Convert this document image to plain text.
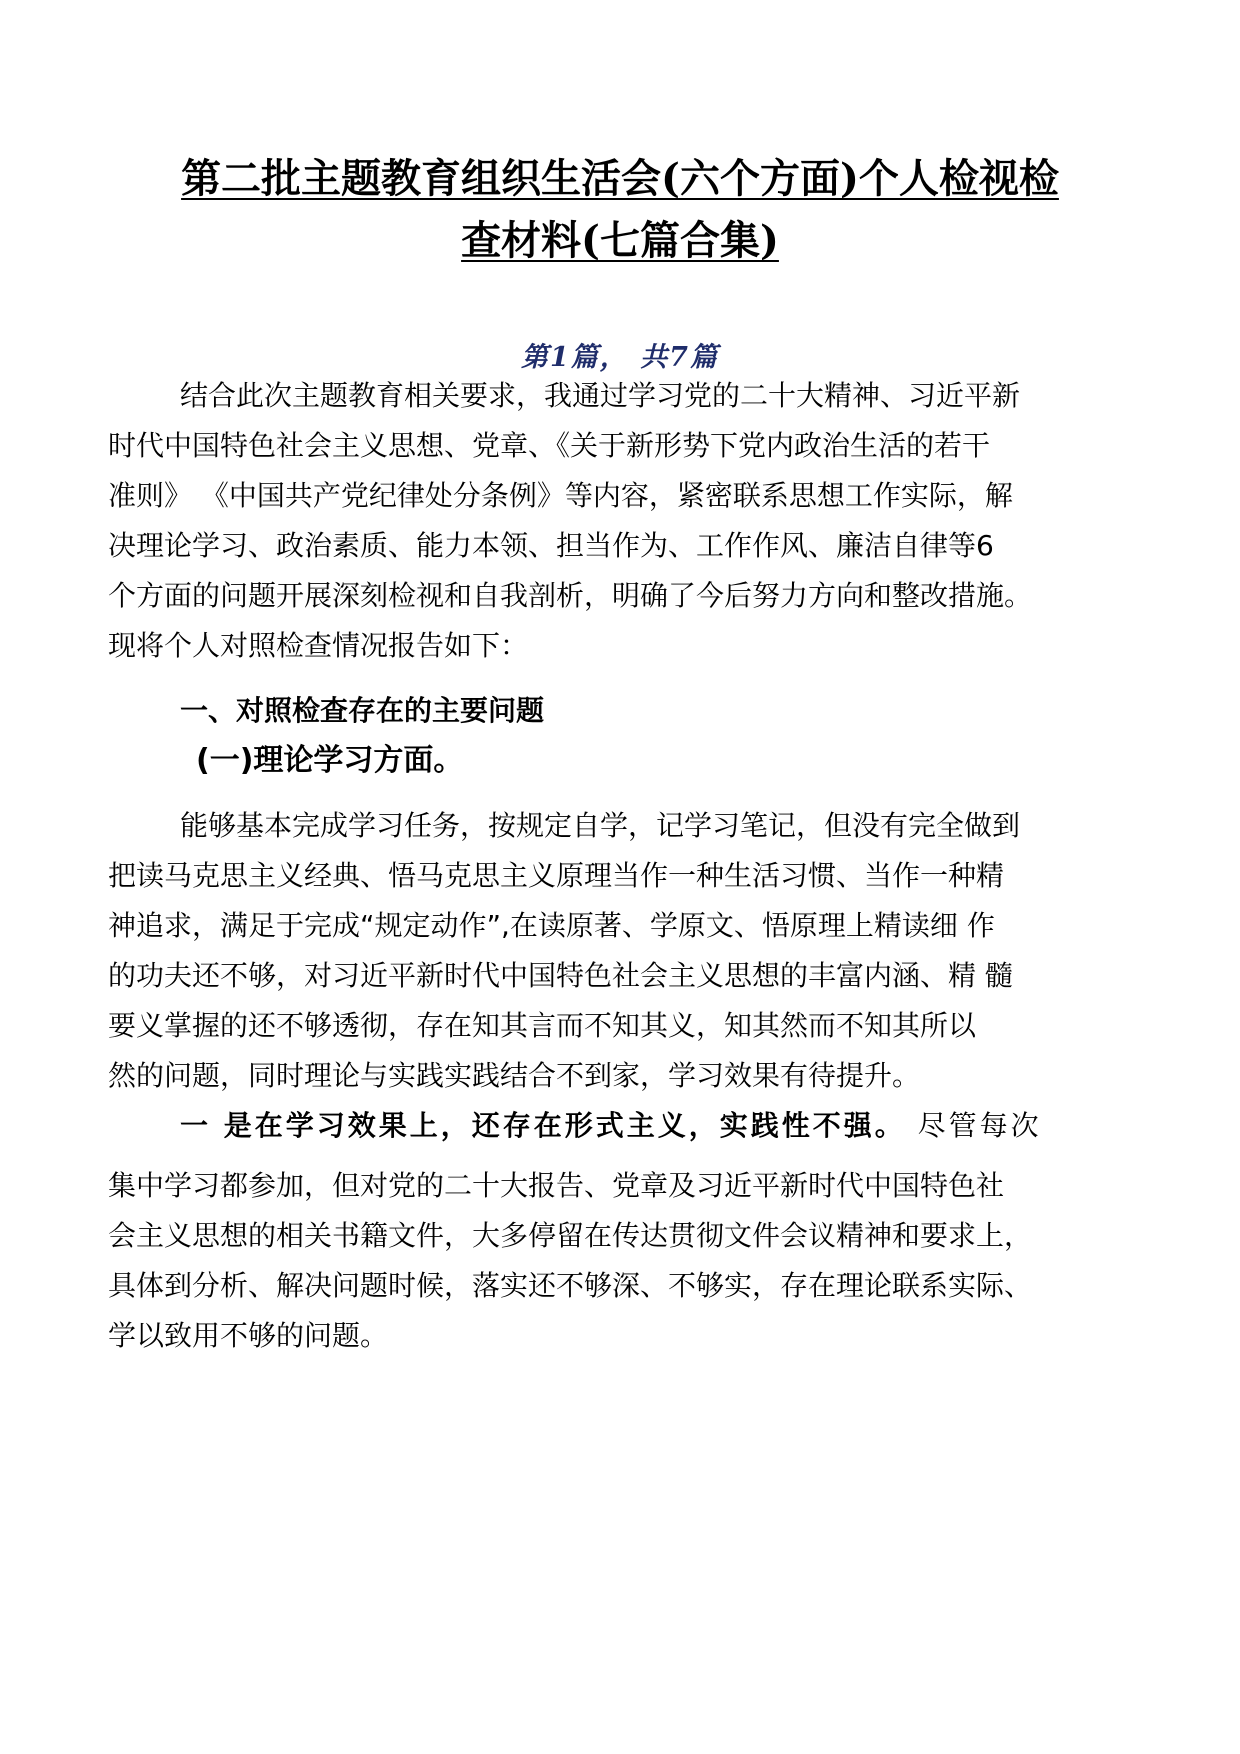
第二批主题教育组织生活会(六个方面)个人检视检
查材料(七篇合集)
第1篇， 共7篇
结合此次主题教育相关要求，我通过学习党的二十大精神、习近平新
时代中国特色社会主义思想、党章、《关于新形势下党内政治生活的若干
准则》 《中国共产党纪律处分条例》等内容，紧密联系思想工作实际，解
决理论学习、政治素质、能力本领、担当作为、工作作风、廉洁自律等6
个方面的问题开展深刻检视和自我剖析，明确了今后努力方向和整改措施。
现将个人对照检查情况报告如下：
一、对照检查存在的主要问题
(一)理论学习方面。
能够基本完成学习任务，按规定自学，记学习笔记，但没有完全做到
把读马克思主义经典、悟马克思主义原理当作一种生活习惯、当作一种精
神追求，满足于完成“规定动作”,在读原著、学原文、悟原理上精读细 作
的功夫还不够，对习近平新时代中国特色社会主义思想的丰富内涵、精 髓
要义掌握的还不够透彻，存在知其言而不知其义，知其然而不知其所以
然的问题，同时理论与实践实践结合不到家，学习效果有待提升。
一 是在学习效果上，还存在形式主义，实践性不强。 尽管每次
集中学习都参加，但对党的二十大报告、党章及习近平新时代中国特色社
会主义思想的相关书籍文件，大多停留在传达贯彻文件会议精神和要求上，
具体到分析、解决问题时候，落实还不够深、不够实，存在理论联系实际、
学以致用不够的问题。
